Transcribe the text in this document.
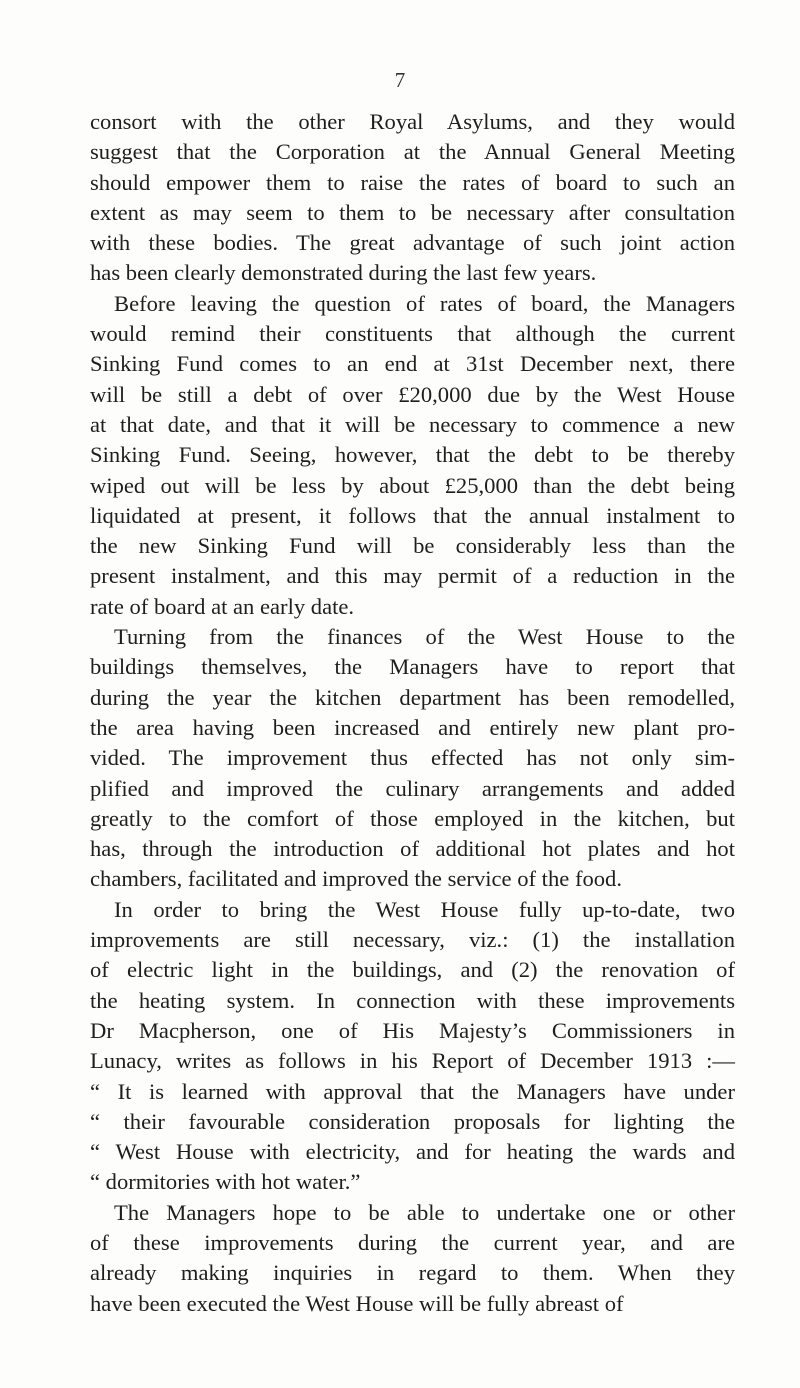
7
consort with the other Royal Asylums, and they would
suggest that the Corporation at the Annual General Meeting
should empower them to raise the rates of board to such an
extent as may seem to them to be necessary after consultation
with these bodies. The great advantage of such joint action
has been clearly demonstrated during the last few years.
Before leaving the question of rates of board, the Managers
would remind their constituents that although the current
Sinking Fund comes to an end at 31st December next, there
will be still a debt of over £20,000 due by the West House
at that date, and that it will be necessary to commence a new
Sinking Fund. Seeing, however, that the debt to be thereby
wiped out will be less by about £25,000 than the debt being
liquidated at present, it follows that the annual instalment to
the new Sinking Fund will be considerably less than the
present instalment, and this may permit of a reduction in the
rate of board at an early date.
Turning from the finances of the West House to the
buildings themselves, the Managers have to report that
during the year the kitchen department has been remodelled,
the area having been increased and entirely new plant pro-
vided. The improvement thus effected has not only sim-
plified and improved the culinary arrangements and added
greatly to the comfort of those employed in the kitchen, but
has, through the introduction of additional hot plates and hot
chambers, facilitated and improved the service of the food.
In order to bring the West House fully up-to-date, two
improvements are still necessary, viz.: (1) the installation
of electric light in the buildings, and (2) the renovation of
the heating system. In connection with these improvements
Dr Macpherson, one of His Majesty’s Commissioners in
Lunacy, writes as follows in his Report of December 1913 :—
“ It is learned with approval that the Managers have under
“ their favourable consideration proposals for lighting the
“ West House with electricity, and for heating the wards and
“ dormitories with hot water.”
The Managers hope to be able to undertake one or other
of these improvements during the current year, and are
already making inquiries in regard to them. When they
have been executed the West House will be fully abreast of
